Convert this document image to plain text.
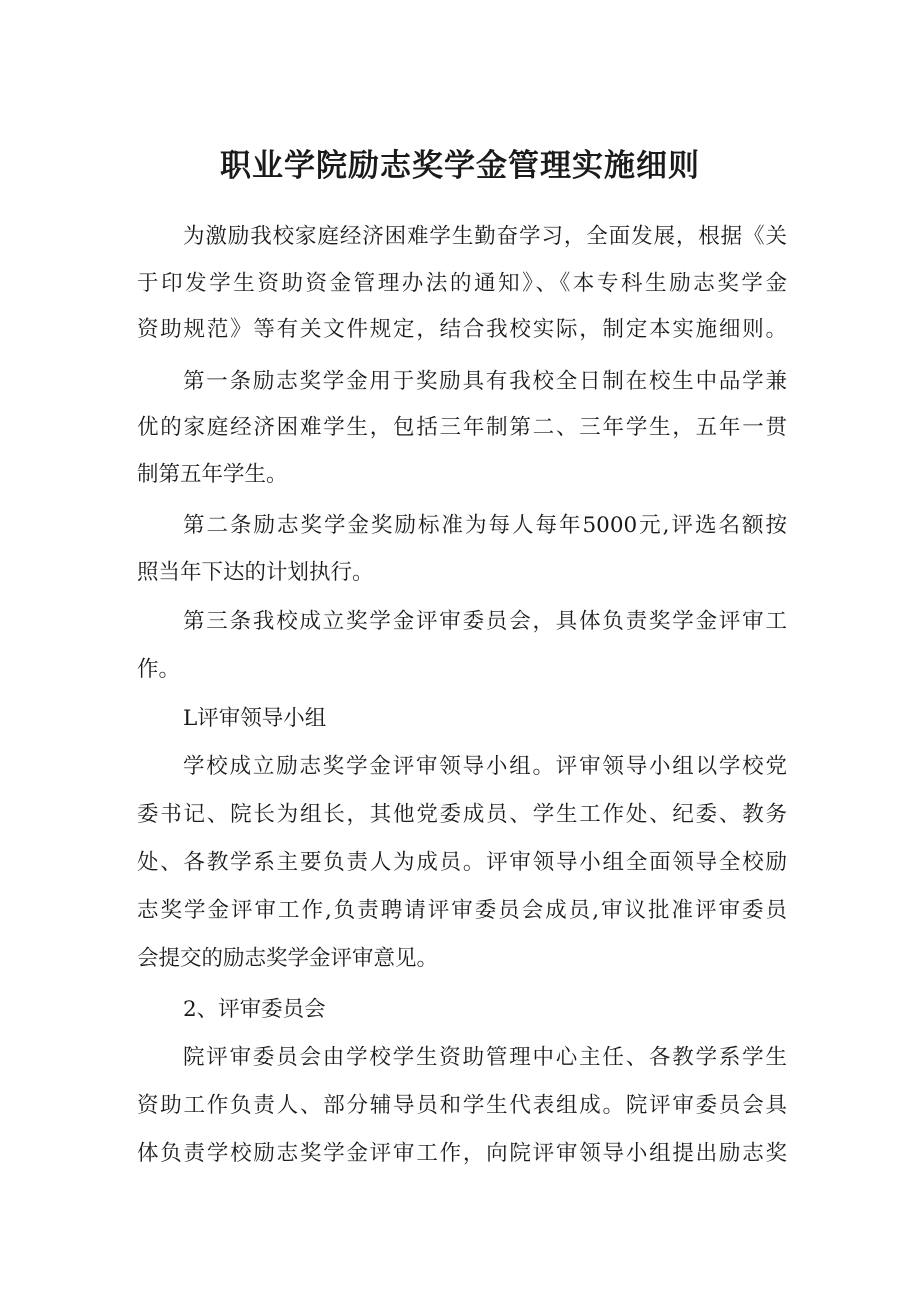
职业学院励志奖学金管理实施细则
为激励我校家庭经济困难学生勤奋学习，全面发展，根据《关
于印发学生资助资金管理办法的通知》、《本专科生励志奖学金
资助规范》等有关文件规定，结合我校实际，制定本实施细则。
第一条励志奖学金用于奖励具有我校全日制在校生中品学兼
优的家庭经济困难学生，包括三年制第二、三年学生，五年一贯
制第五年学生。
第二条励志奖学金奖励标准为每人每年5000元,评选名额按
照当年下达的计划执行。
第三条我校成立奖学金评审委员会，具体负责奖学金评审工
作。
L评审领导小组
学校成立励志奖学金评审领导小组。评审领导小组以学校党
委书记、院长为组长，其他党委成员、学生工作处、纪委、教务
处、各教学系主要负责人为成员。评审领导小组全面领导全校励
志奖学金评审工作,负责聘请评审委员会成员,审议批准评审委员
会提交的励志奖学金评审意见。
2、评审委员会
院评审委员会由学校学生资助管理中心主任、各教学系学生
资助工作负责人、部分辅导员和学生代表组成。院评审委员会具
体负责学校励志奖学金评审工作，向院评审领导小组提出励志奖
